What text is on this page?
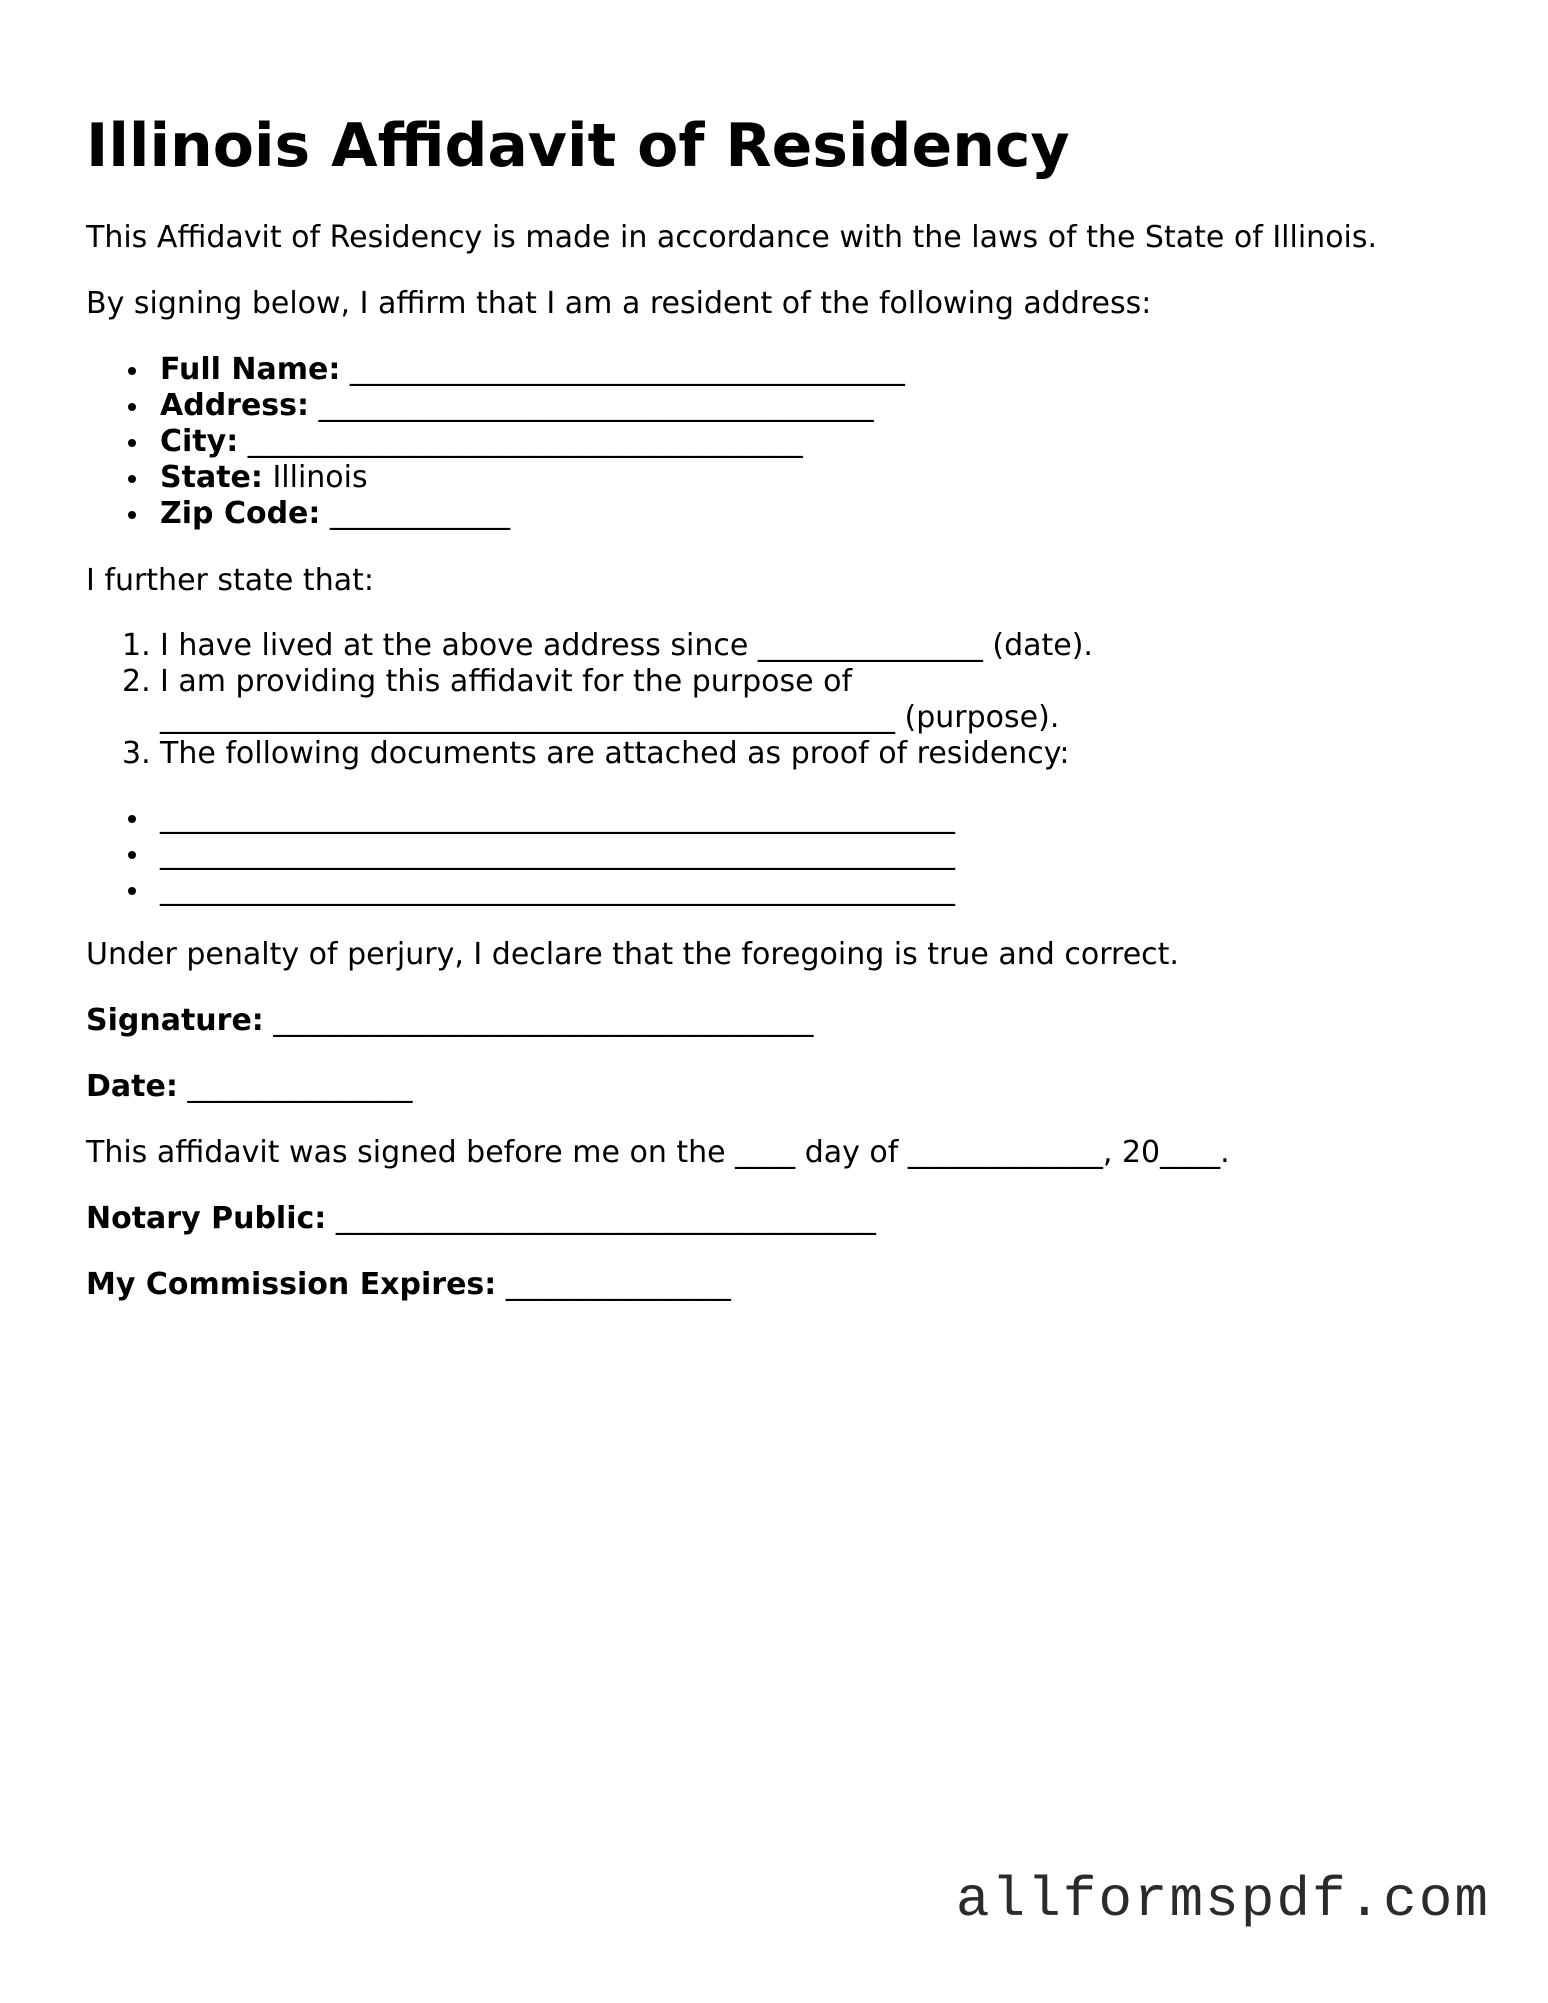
Illinois Affidavit of Residency

This Affidavit of Residency is made in accordance with the laws of the State of Illinois.

By signing below, I affirm that I am a resident of the following address:

Full Name: _____________________________________
Address: _____________________________________
City: _____________________________________
State: Illinois
Zip Code: ____________

I further state that:

1. I have lived at the above address since _______________ (date).
2. I am providing this affidavit for the purpose of
_________________________________________________ (purpose).
3. The following documents are attached as proof of residency:
_____________________________________________________
_____________________________________________________
_____________________________________________________

Under penalty of perjury, I declare that the foregoing is true and correct.

Signature: ____________________________________

Date: _______________

This affidavit was signed before me on the ____ day of _____________, 20____.

Notary Public: ____________________________________

My Commission Expires: _______________

allformspdf.com
